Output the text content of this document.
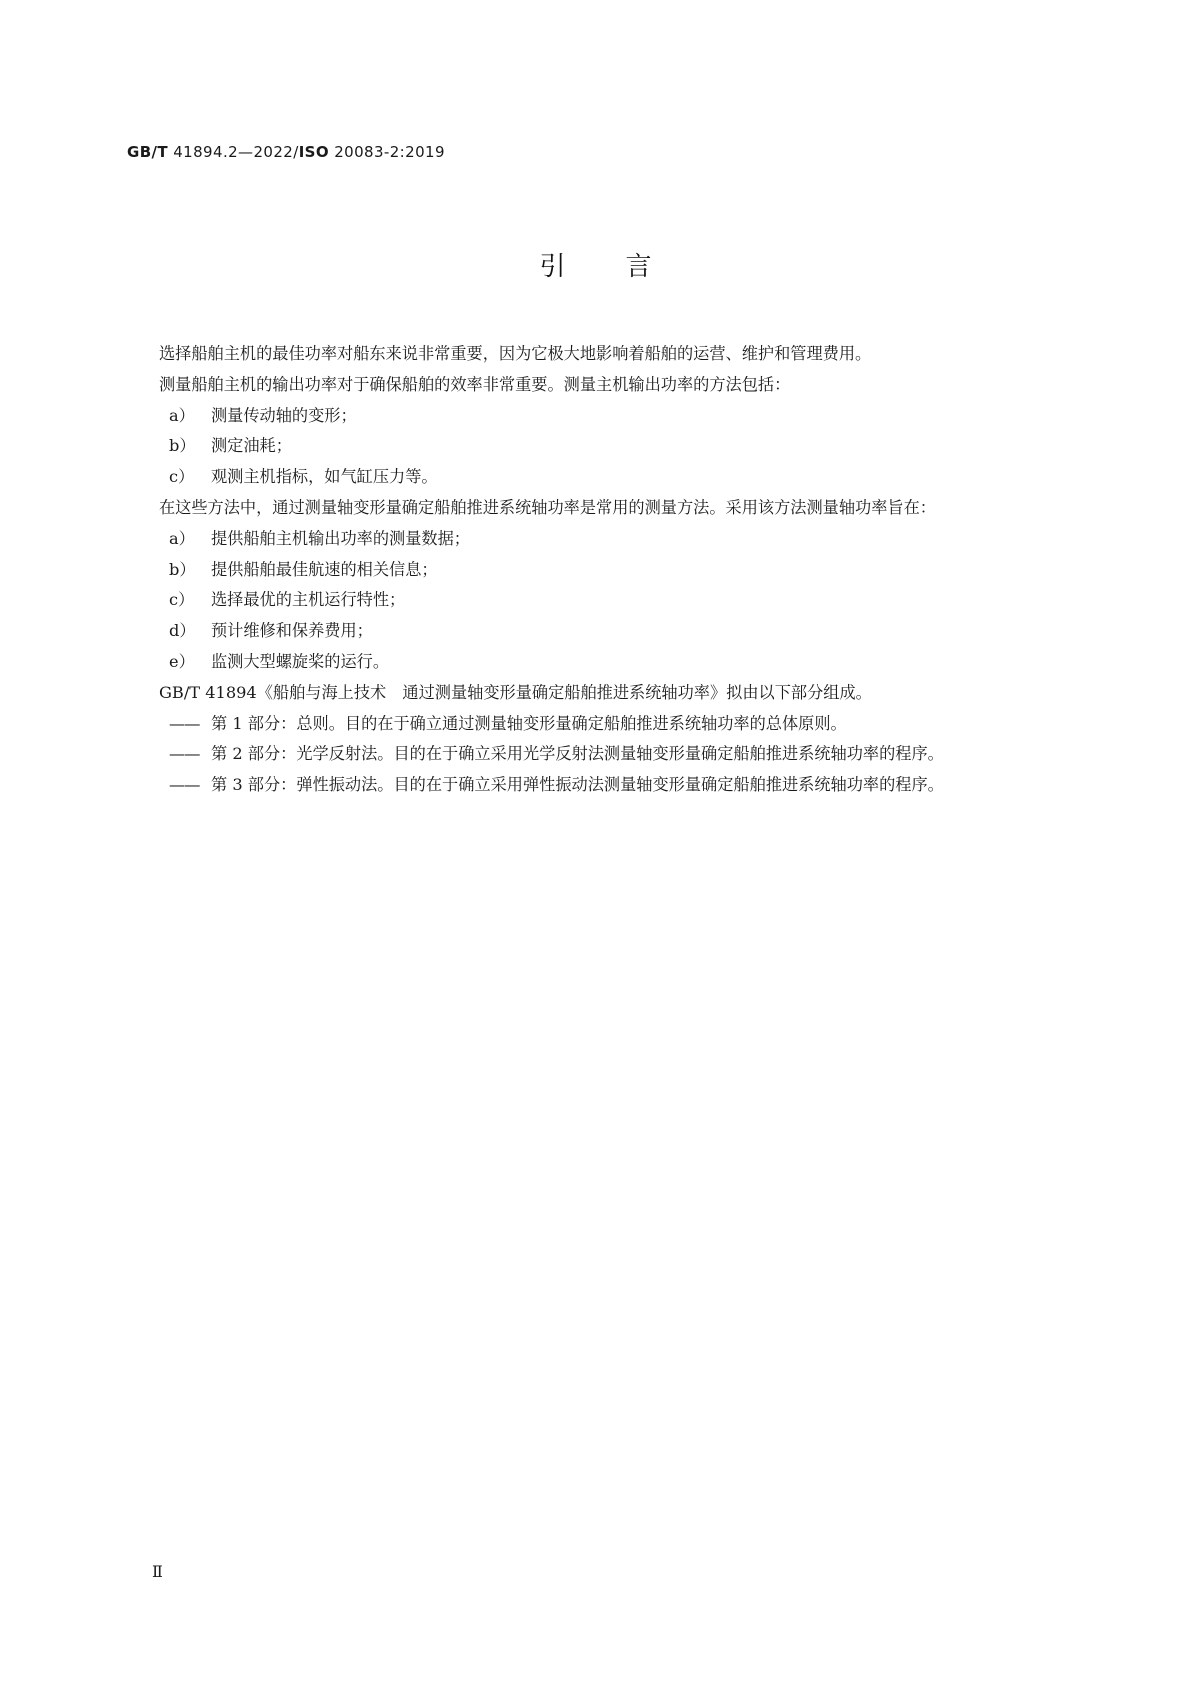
GB/T 41894.2—2022/ISO 20083-2:2019
引言

选择船舶主机的最佳功率对船东来说非常重要，因为它极大地影响着船舶的运营、维护和管理费用。

测量船舶主机的输出功率对于确保船舶的效率非常重要。测量主机输出功率的方法包括：

a） 测量传动轴的变形；

b） 测定油耗；

c） 观测主机指标，如气缸压力等。

在这些方法中，通过测量轴变形量确定船舶推进系统轴功率是常用的测量方法。采用该方法测量轴功率旨在：

a） 提供船舶主机输出功率的测量数据；

b） 提供船舶最佳航速的相关信息；

c） 选择最优的主机运行特性；

d） 预计维修和保养费用；

e） 监测大型螺旋桨的运行。

GB/T 41894《船舶与海上技术　通过测量轴变形量确定船舶推进系统轴功率》拟由以下部分组成。

—— 第 1 部分：总则。目的在于确立通过测量轴变形量确定船舶推进系统轴功率的总体原则。

—— 第 2 部分：光学反射法。目的在于确立采用光学反射法测量轴变形量确定船舶推进系统轴功率的程序。

—— 第 3 部分：弹性振动法。目的在于确立采用弹性振动法测量轴变形量确定船舶推进系统轴功率的程序。

Ⅱ
